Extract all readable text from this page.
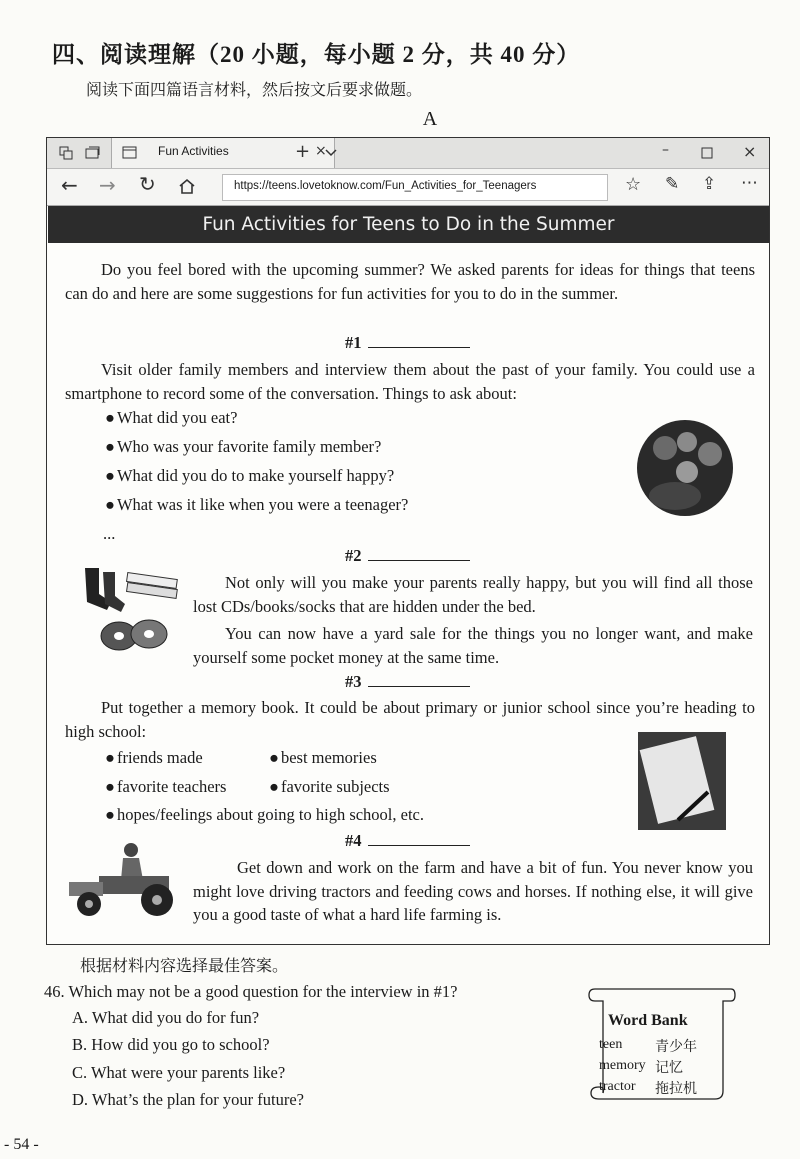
四、阅读理解（20 小题，每小题 2 分，共 40 分）
阅读下面四篇语言材料，然后按文后要求做题。
A
Fun Activities	×
+	–	×
← → ↻	https://teens.lovetoknow.com/Fun_Activities_for_Teenagers	☆ ✎ ⇪ ⋯
Fun Activities for Teens to Do in the Summer
Do you feel bored with the upcoming summer? We asked parents for ideas for things that teens can do and here are some suggestions for fun activities for you to do in the summer.
#1
Visit older family members and interview them about the past of your family. You could use a smartphone to record some of the conversation. Things to ask about:
● What did you eat?
● Who was your favorite family member?
● What did you do to make yourself happy?
● What was it like when you were a teenager?
...
#2
Not only will you make your parents really happy, but you will find all those lost CDs/books/socks that are hidden under the bed.
You can now have a yard sale for the things you no longer want, and make yourself some pocket money at the same time.
#3
Put together a memory book. It could be about primary or junior school since you’re heading to high school:
● friends made	● best memories
● favorite teachers	● favorite subjects
● hopes/feelings about going to high school, etc.
#4
Get down and work on the farm and have a bit of fun. You never know you might love driving tractors and feeding cows and horses. If nothing else, it will give you a good taste of what a hard life farming is.
根据材料内容选择最佳答案。
46. Which may not be a good question for the interview in #1?
A. What did you do for fun?
B. How did you go to school?
C. What were your parents like?
D. What’s the plan for your future?
Word Bank
teen 青少年
memory 记忆
tractor 拖拉机
- 54 -
